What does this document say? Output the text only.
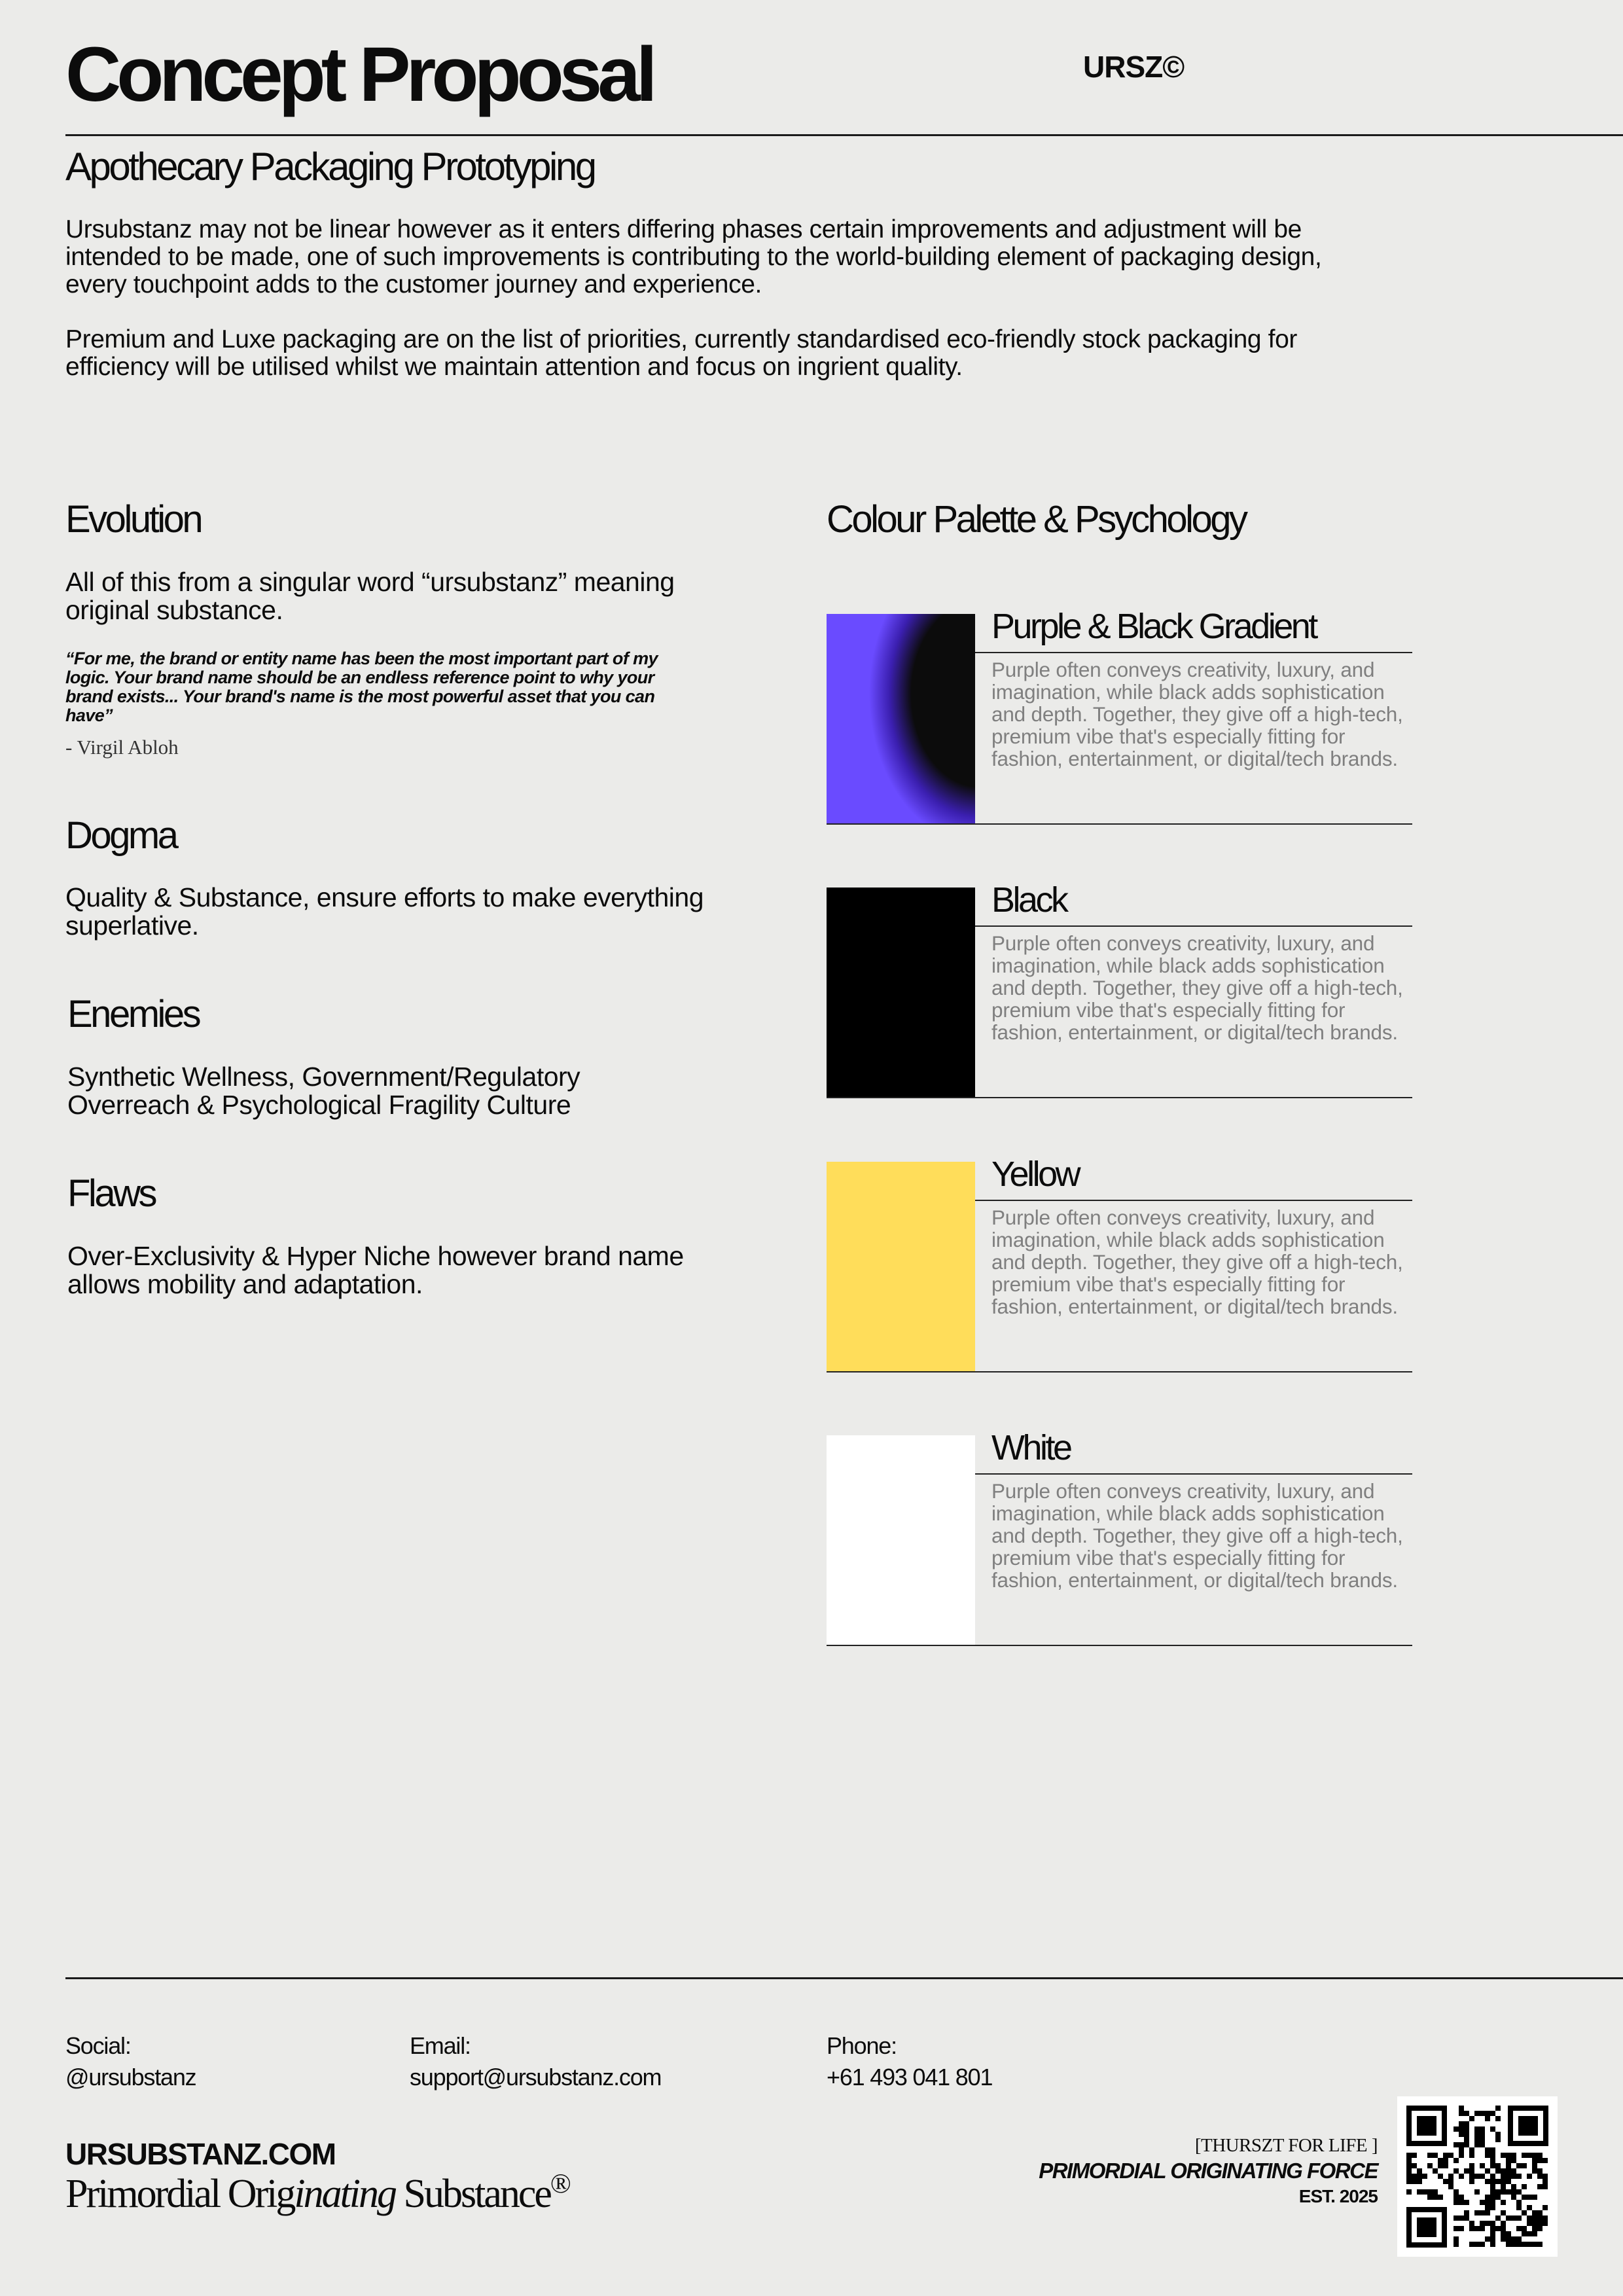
Concept Proposal	URSZ©
Apothecary Packaging Prototyping

Ursubstanz may not be linear however as it enters differing phases certain improvements and adjustment will be intended to be made, one of such improvements is contributing to the world-building element of packaging design, every touchpoint adds to the customer journey and experience.

Premium and Luxe packaging are on the list of priorities, currently standardised eco-friendly stock packaging for efficiency will be utilised whilst we maintain attention and focus on ingrient quality.

Evolution

All of this from a singular word “ursubstanz” meaning original substance.

“For me, the brand or entity name has been the most important part of my logic. Your brand name should be an endless reference point to why your brand exists... Your brand's name is the most powerful asset that you can have”

- Virgil Abloh
Dogma

Quality & Substance, ensure efforts to make everything superlative.

Enemies

Synthetic Wellness, Government/Regulatory Overreach & Psychological Fragility Culture

Flaws

Over-Exclusivity & Hyper Niche however brand name allows mobility and adaptation.

Colour Palette & Psychology
Purple & Black Gradient

Purple often conveys creativity, luxury, and imagination, while black adds sophistication and depth. Together, they give off a high-tech, premium vibe that's especially fitting for fashion, entertainment, or digital/tech brands.

Black

Purple often conveys creativity, luxury, and imagination, while black adds sophistication and depth. Together, they give off a high-tech, premium vibe that's especially fitting for fashion, entertainment, or digital/tech brands.

Yellow

Purple often conveys creativity, luxury, and imagination, while black adds sophistication and depth. Together, they give off a high-tech, premium vibe that's especially fitting for fashion, entertainment, or digital/tech brands.

White

Purple often conveys creativity, luxury, and imagination, while black adds sophistication and depth. Together, they give off a high-tech, premium vibe that's especially fitting for fashion, entertainment, or digital/tech brands.

Social:
@ursubstanz
Email:
support@ursubstanz.com
Phone:
+61 493 041 801
URSUBSTANZ.COM
Primordial Originating Substance®
[THURSZT FOR LIFE ]
PRIMORDIAL ORIGINATING FORCE
EST. 2025
